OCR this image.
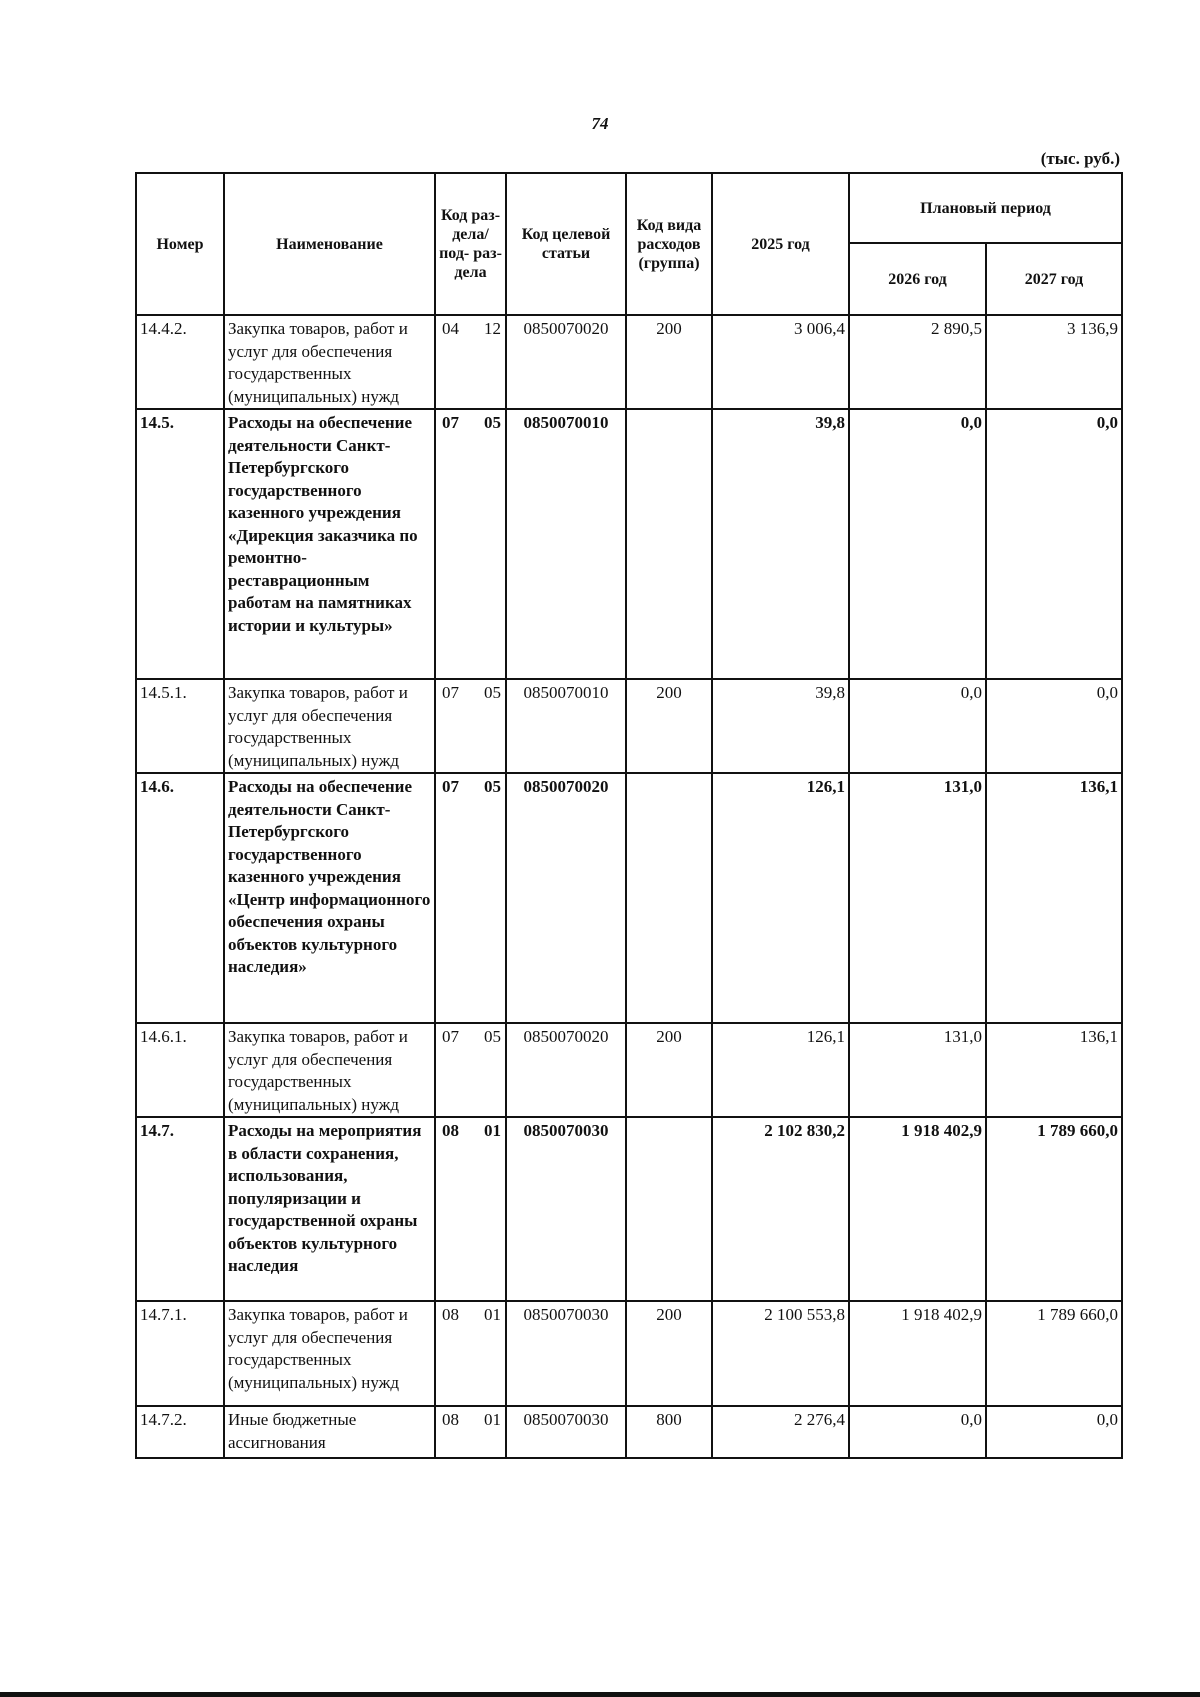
74
(тыс. руб.)
Номер	Наименование	Код раз- дела/ под- раз- дела	Код целевой статьи	Код вида расходов (группа)	2025 год	Плановый период	
						2026 год	2027 год
14.4.2.	Закупка товаров, работ и услуг для обеспечения государственных (муниципальных) нужд	04 12	0850070020	200	3 006,4	2 890,5	3 136,9
14.5.	Расходы на обеспечение деятельности Санкт-Петербургского государственного казенного учреждения «Дирекция заказчика по ремонтно-реставрационным работам на памятниках истории и культуры»	07 05	0850070010		39,8	0,0	0,0
14.5.1.	Закупка товаров, работ и услуг для обеспечения государственных (муниципальных) нужд	07 05	0850070010	200	39,8	0,0	0,0
14.6.	Расходы на обеспечение деятельности Санкт-Петербургского государственного казенного учреждения «Центр информационного обеспечения охраны объектов культурного наследия»	07 05	0850070020		126,1	131,0	136,1
14.6.1.	Закупка товаров, работ и услуг для обеспечения государственных (муниципальных) нужд	07 05	0850070020	200	126,1	131,0	136,1
14.7.	Расходы на мероприятия в области сохранения, использования, популяризации и государственной охраны объектов культурного наследия	08 01	0850070030		2 102 830,2	1 918 402,9	1 789 660,0
14.7.1.	Закупка товаров, работ и услуг для обеспечения государственных (муниципальных) нужд	08 01	0850070030	200	2 100 553,8	1 918 402,9	1 789 660,0
14.7.2.	Иные бюджетные ассигнования	08 01	0850070030	800	2 276,4	0,0	0,0
